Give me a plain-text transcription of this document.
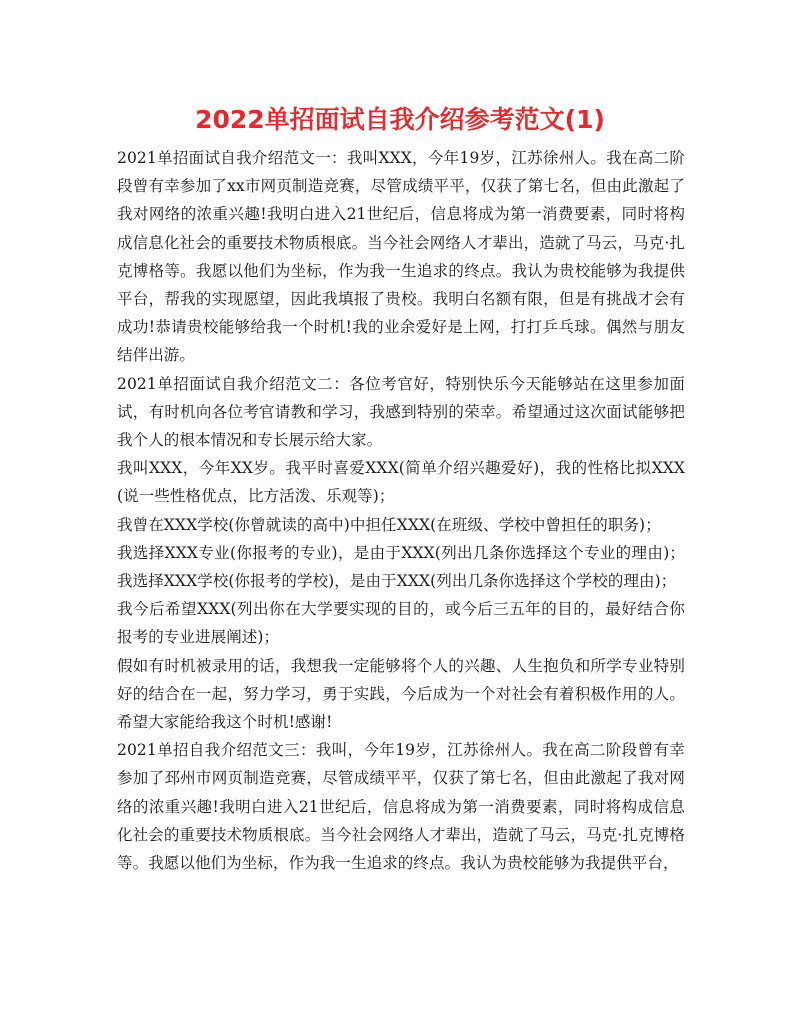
2022单招面试自我介绍参考范文(1)

2021单招面试自我介绍范文一：我叫XXX，今年19岁，江苏徐州人。我在高二阶段曾有幸参加了xx市网页制造竞赛，尽管成绩平平，仅获了第七名，但由此激起了我对网络的浓重兴趣!我明白进入21世纪后，信息将成为第一消费要素，同时将构成信息化社会的重要技术物质根底。当今社会网络人才辈出，造就了马云，马克·扎克博格等。我愿以他们为坐标，作为我一生追求的终点。我认为贵校能够为我提供平台，帮我的实现愿望，因此我填报了贵校。我明白名额有限，但是有挑战才会有成功!恭请贵校能够给我一个时机!我的业余爱好是上网，打打乒乓球。偶然与朋友结伴出游。

2021单招面试自我介绍范文二：各位考官好，特别快乐今天能够站在这里参加面试，有时机向各位考官请教和学习，我感到特别的荣幸。希望通过这次面试能够把我个人的根本情况和专长展示给大家。

我叫XXX，今年XX岁。我平时喜爱XXX(简单介绍兴趣爱好)，我的性格比拟XXX(说一些性格优点，比方活泼、乐观等)；

我曾在XXX学校(你曾就读的高中)中担任XXX(在班级、学校中曾担任的职务)；

我选择XXX专业(你报考的专业)，是由于XXX(列出几条你选择这个专业的理由)；我选择XXX学校(你报考的学校)，是由于XXX(列出几条你选择这个学校的理由)；

我今后希望XXX(列出你在大学要实现的目的，或今后三五年的目的，最好结合你报考的专业进展阐述)；

假如有时机被录用的话，我想我一定能够将个人的兴趣、人生抱负和所学专业特别好的结合在一起，努力学习，勇于实践，今后成为一个对社会有着积极作用的人。希望大家能给我这个时机!感谢!

2021单招自我介绍范文三：我叫，今年19岁，江苏徐州人。我在高二阶段曾有幸参加了邳州市网页制造竞赛，尽管成绩平平，仅获了第七名，但由此激起了我对网络的浓重兴趣!我明白进入21世纪后，信息将成为第一消费要素，同时将构成信息化社会的重要技术物质根底。当今社会网络人才辈出，造就了马云，马克·扎克博格等。我愿以他们为坐标，作为我一生追求的终点。我认为贵校能够为我提供平台，
